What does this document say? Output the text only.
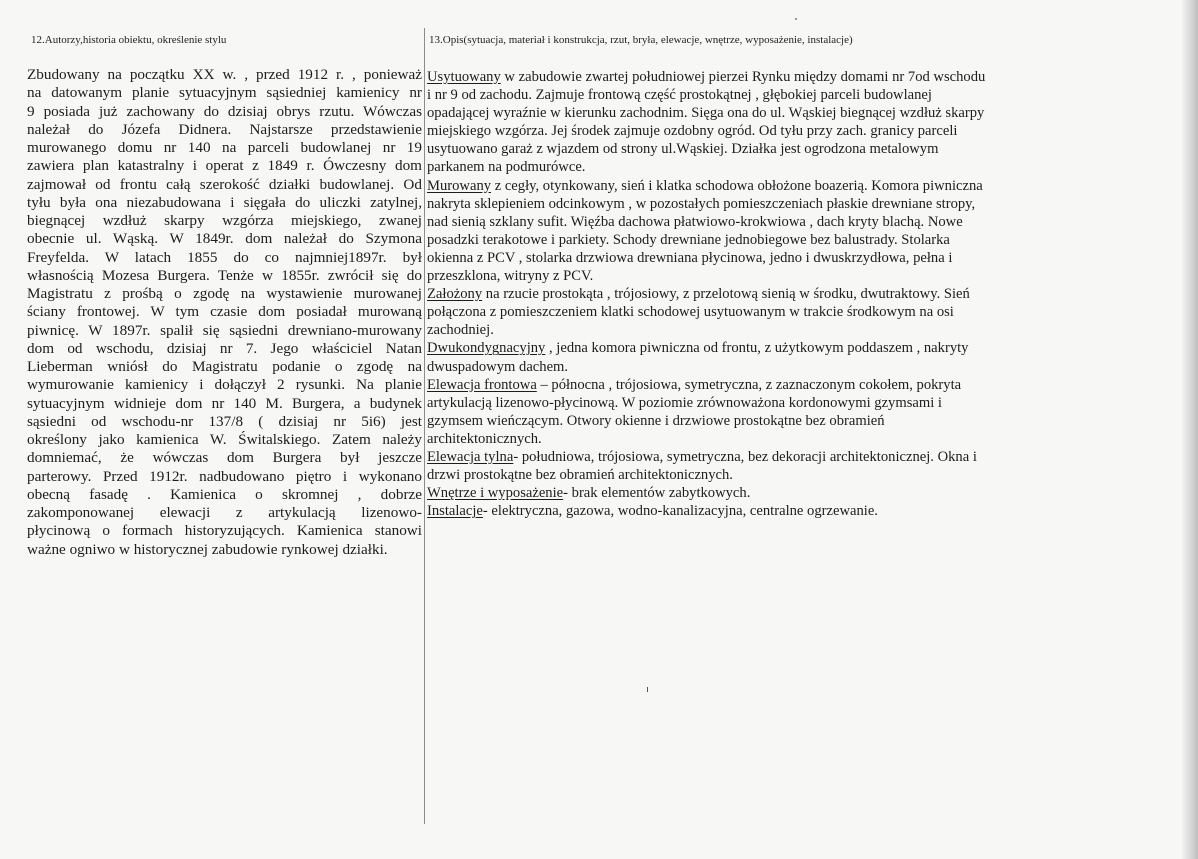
12.Autorzy,historia obiektu, określenie stylu	13.Opis(sytuacja, materiał i konstrukcja, rzut, bryła, elewacje, wnętrze, wyposażenie, instalacje)
Zbudowany na początku XX w. , przed 1912 r. , ponieważ
na datowanym planie sytuacyjnym sąsiedniej kamienicy nr
9 posiada już zachowany do dzisiaj obrys rzutu. Wówczas
należał do Józefa Didnera. Najstarsze przedstawienie
murowanego domu nr 140 na parceli budowlanej nr 19
zawiera plan katastralny i operat z 1849 r. Ówczesny dom
zajmował od frontu całą szerokość działki budowlanej. Od
tyłu była ona niezabudowana i sięgała do uliczki zatylnej,
biegnącej wzdłuż skarpy wzgórza miejskiego, zwanej
obecnie ul. Wąską. W 1849r. dom należał do Szymona
Freyfelda. W latach 1855 do co najmniej1897r. był
własnością Mozesa Burgera. Tenże w 1855r. zwrócił się do
Magistratu z prośbą o zgodę na wystawienie murowanej
ściany frontowej. W tym czasie dom posiadał murowaną
piwnicę. W 1897r. spalił się sąsiedni drewniano-murowany
dom od wschodu, dzisiaj nr 7. Jego właściciel Natan
Lieberman wniósł do Magistratu podanie o zgodę na
wymurowanie kamienicy i dołączył 2 rysunki. Na planie
sytuacyjnym widnieje dom nr 140 M. Burgera, a budynek
sąsiedni od wschodu-nr 137/8 ( dzisiaj nr 5i6) jest
określony jako kamienica W. Świtalskiego. Zatem należy
domniemać, że wówczas dom Burgera był jeszcze
parterowy. Przed 1912r. nadbudowano piętro i wykonano
obecną fasadę . Kamienica o skromnej , dobrze
zakomponowanej elewacji z artykulacją lizenowo-
płycinową o formach historyzujących. Kamienica stanowi
ważne ogniwo w historycznej zabudowie rynkowej działki.
Usytuowany w zabudowie zwartej południowej pierzei Rynku między domami nr 7od wschodu
i nr 9 od zachodu. Zajmuje frontową część prostokątnej , głębokiej parceli budowlanej
opadającej wyraźnie w kierunku zachodnim. Sięga ona do ul. Wąskiej biegnącej wzdłuż skarpy
miejskiego wzgórza. Jej środek zajmuje ozdobny ogród. Od tyłu przy zach. granicy parceli
usytuowano garaż z wjazdem od strony ul.Wąskiej. Działka jest ogrodzona metalowym
parkanem na podmurówce.
Murowany z cegły, otynkowany, sień i klatka schodowa obłożone boazerią. Komora piwniczna
nakryta sklepieniem odcinkowym , w pozostałych pomieszczeniach płaskie drewniane stropy,
nad sienią szklany sufit. Więźba dachowa płatwiowo-krokwiowa , dach kryty blachą. Nowe
posadzki terakotowe i parkiety. Schody drewniane jednobiegowe bez balustrady. Stolarka
okienna z PCV , stolarka drzwiowa drewniana płycinowa, jedno i dwuskrzydłowa, pełna i
przeszklona, witryny z PCV.
Założony na rzucie prostokąta , trójosiowy, z przelotową sienią w środku, dwutraktowy. Sień
połączona z pomieszczeniem klatki schodowej usytuowanym w trakcie środkowym na osi
zachodniej.
Dwukondygnacyjny , jedna komora piwniczna od frontu, z użytkowym poddaszem , nakryty
dwuspadowym dachem.
Elewacja frontowa – północna , trójosiowa, symetryczna, z zaznaczonym cokołem, pokryta
artykulacją lizenowo-płycinową. W poziomie zrównoważona kordonowymi gzymsami i
gzymsem wieńczącym. Otwory okienne i drzwiowe prostokątne bez obramień
architektonicznych.
Elewacja tylna- południowa, trójosiowa, symetryczna, bez dekoracji architektonicznej. Okna i
drzwi prostokątne bez obramień architektonicznych.
Wnętrze i wyposażenie- brak elementów zabytkowych.
Instalacje- elektryczna, gazowa, wodno-kanalizacyjna, centralne ogrzewanie.
